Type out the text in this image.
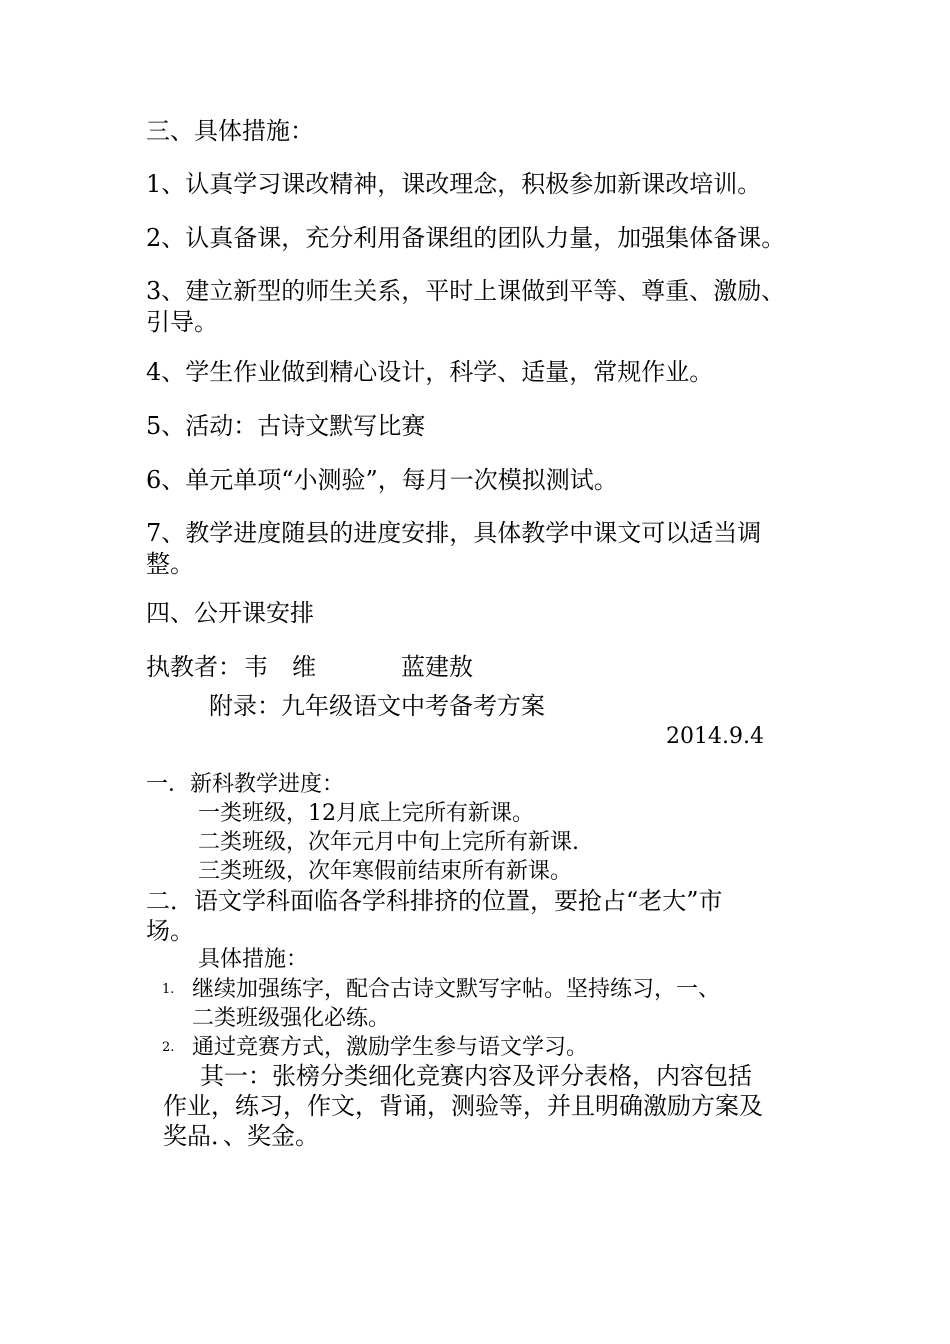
三、具体措施：
1、认真学习课改精神，课改理念，积极参加新课改培训。
2、认真备课，充分利用备课组的团队力量，加强集体备课。
3、建立新型的师生关系，平时上课做到平等、尊重、激励、
引导。
4、学生作业做到精心设计，科学、适量，常规作业。
5、活动：古诗文默写比赛
6、单元单项“小测验”，每月一次模拟测试。
7、教学进度随县的进度安排，具体教学中课文可以适当调
整。
四、公开课安排
执教者： 韦　维	蓝建敖
附录：九年级语文中考备考方案
2014.9.4
一．新科教学进度：
一类班级，12月底上完所有新课。
二类班级，次年元月中旬上完所有新课.
三类班级，次年寒假前结束所有新课。
二．语文学科面临各学科排挤的位置，要抢占“老大”市
场。
具体措施：
1. 继续加强练字，配合古诗文默写字帖。坚持练习，一、
二类班级强化必练。
2. 通过竞赛方式，激励学生参与语文学习。
其一：张榜分类细化竞赛内容及评分表格，内容包括
作业，练习，作文，背诵，测验等，并且明确激励方案及
奖品．、奖金。
